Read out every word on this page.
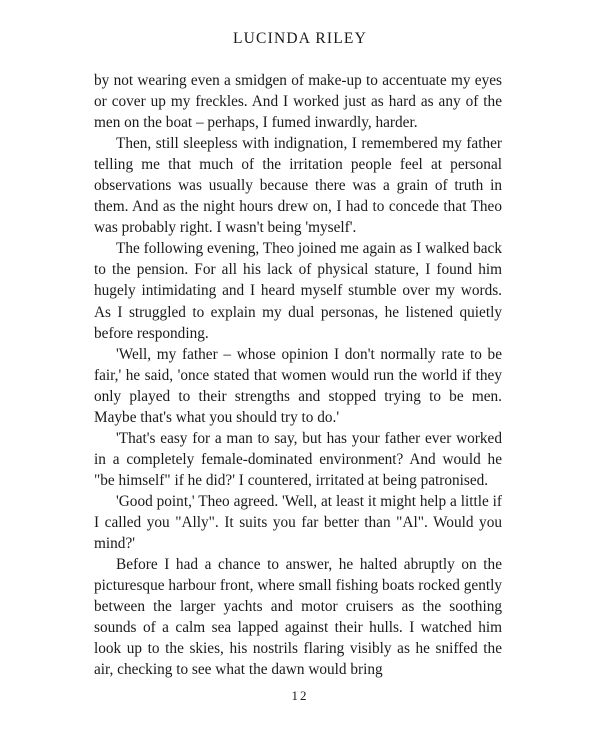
LUCINDA RILEY

by not wearing even a smidgen of make-up to accentuate my eyes or cover up my freckles. And I worked just as hard as any of the men on the boat – perhaps, I fumed inwardly, harder.

Then, still sleepless with indignation, I remembered my father telling me that much of the irritation people feel at personal observations was usually because there was a grain of truth in them. And as the night hours drew on, I had to concede that Theo was probably right. I wasn't being 'myself'.

The following evening, Theo joined me again as I walked back to the pension. For all his lack of physical stature, I found him hugely intimidating and I heard myself stumble over my words. As I struggled to explain my dual personas, he listened quietly before responding.

'Well, my father – whose opinion I don't normally rate to be fair,' he said, 'once stated that women would run the world if they only played to their strengths and stopped trying to be men. Maybe that's what you should try to do.'

'That's easy for a man to say, but has your father ever worked in a completely female-dominated environment? And would he "be himself" if he did?' I countered, irritated at being patronised.

'Good point,' Theo agreed. 'Well, at least it might help a little if I called you "Ally". It suits you far better than "Al". Would you mind?'

Before I had a chance to answer, he halted abruptly on the picturesque harbour front, where small fishing boats rocked gently between the larger yachts and motor cruisers as the soothing sounds of a calm sea lapped against their hulls. I watched him look up to the skies, his nostrils flaring visibly as he sniffed the air, checking to see what the dawn would bring

12
